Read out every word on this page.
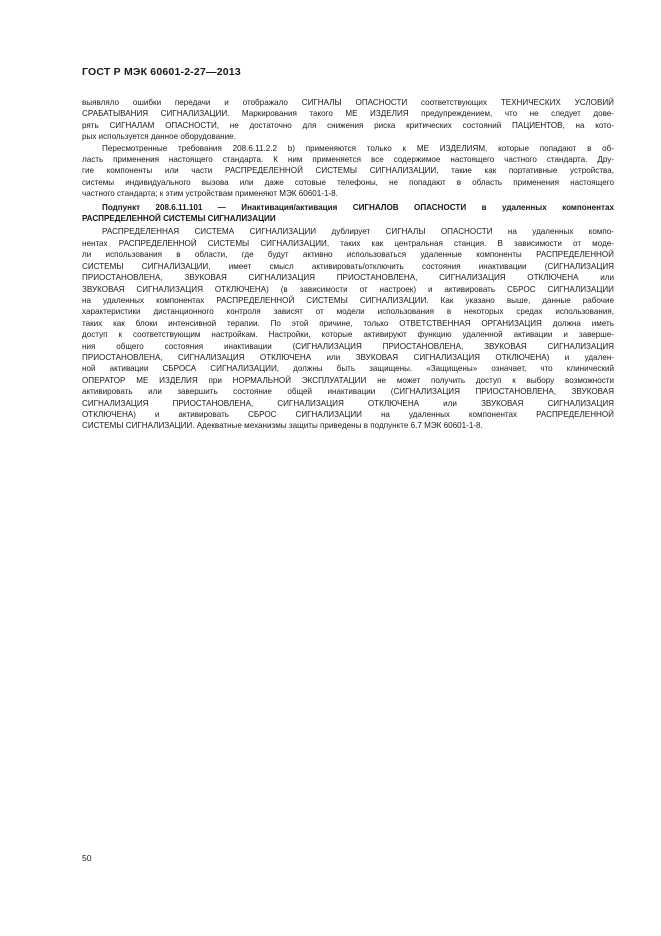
ГОСТ Р МЭК 60601-2-27—2013
выявляло ошибки передачи и отображало СИГНАЛЫ ОПАСНОСТИ соответствующих ТЕХНИЧЕСКИХ УСЛОВИЙ
СРАБАТЫВАНИЯ СИГНАЛИЗАЦИИ. Маркирования такого МЕ ИЗДЕЛИЯ предупреждением, что не следует дове-
рять СИГНАЛАМ ОПАСНОСТИ, не достаточно для снижения риска критических состояний ПАЦИЕНТОВ, на кото-
рых используется данное оборудование.
Пересмотренные требования 208.6.11.2.2 b) применяются только к МЕ ИЗДЕЛИЯМ, которые попадают в об-
ласть применения настоящего стандарта. К ним применяется все содержимое настоящего частного стандарта. Дру-
гие компоненты или части РАСПРЕДЕЛЕННОЙ СИСТЕМЫ СИГНАЛИЗАЦИИ, такие как портативные устройства,
системы индивидуального вызова или даже сотовые телефоны, не попадают в область применения настоящего
частного стандарта; к этим устройствам применяют МЭК 60601-1-8.
Подпункт 208.6.11.101 — Инактивация/активация СИГНАЛОВ ОПАСНОСТИ в удаленных компонентах
РАСПРЕДЕЛЕННОЙ СИСТЕМЫ СИГНАЛИЗАЦИИ
РАСПРЕДЕЛЕННАЯ СИСТЕМА СИГНАЛИЗАЦИИ дублирует СИГНАЛЫ ОПАСНОСТИ на удаленных компо-
нентах РАСПРЕДЕЛЕННОЙ СИСТЕМЫ СИГНАЛИЗАЦИИ, таких как центральная станция. В зависимости от моде-
ли использования в области, где будут активно использоваться удаленные компоненты РАСПРЕДЕЛЕННОЙ
СИСТЕМЫ СИГНАЛИЗАЦИИ, имеет смысл активировать/отключить состояния инактивации (СИГНАЛИЗАЦИЯ
ПРИОСТАНОВЛЕНА, ЗВУКОВАЯ СИГНАЛИЗАЦИЯ ПРИОСТАНОВЛЕНА, СИГНАЛИЗАЦИЯ ОТКЛЮЧЕНА или
ЗВУКОВАЯ СИГНАЛИЗАЦИЯ ОТКЛЮЧЕНА) (в зависимости от настроек) и активировать СБРОС СИГНАЛИЗАЦИИ
на удаленных компонентах РАСПРЕДЕЛЕННОЙ СИСТЕМЫ СИГНАЛИЗАЦИИ. Как указано выше, данные рабочие
характеристики дистанционного контроля зависят от модели использования в некоторых средах использования,
таких как блоки интенсивной терапии. По этой причине, только ОТВЕТСТВЕННАЯ ОРГАНИЗАЦИЯ должна иметь
доступ к соответствующим настройкам. Настройки, которые активируют функцию удаленной активации и заверше-
ния общего состояния инактивации (СИГНАЛИЗАЦИЯ ПРИОСТАНОВЛЕНА, ЗВУКОВАЯ СИГНАЛИЗАЦИЯ
ПРИОСТАНОВЛЕНА, СИГНАЛИЗАЦИЯ ОТКЛЮЧЕНА или ЗВУКОВАЯ СИГНАЛИЗАЦИЯ ОТКЛЮЧЕНА) и удален-
ной активации СБРОСА СИГНАЛИЗАЦИИ, должны быть защищены. «Защищены» означает, что клинический
ОПЕРАТОР МЕ ИЗДЕЛИЯ при НОРМАЛЬНОЙ ЭКСПЛУАТАЦИИ не может получить доступ к выбору возможности
активировать или завершить состояние общей инактивации (СИГНАЛИЗАЦИЯ ПРИОСТАНОВЛЕНА, ЗВУКОВАЯ
СИГНАЛИЗАЦИЯ ПРИОСТАНОВЛЕНА, СИГНАЛИЗАЦИЯ ОТКЛЮЧЕНА или ЗВУКОВАЯ СИГНАЛИЗАЦИЯ
ОТКЛЮЧЕНА) и активировать СБРОС СИГНАЛИЗАЦИИ на удаленных компонентах РАСПРЕДЕЛЕННОЙ
СИСТЕМЫ СИГНАЛИЗАЦИИ. Адекватные механизмы защиты приведены в подпункте 6.7 МЭК 60601-1-8.
50
